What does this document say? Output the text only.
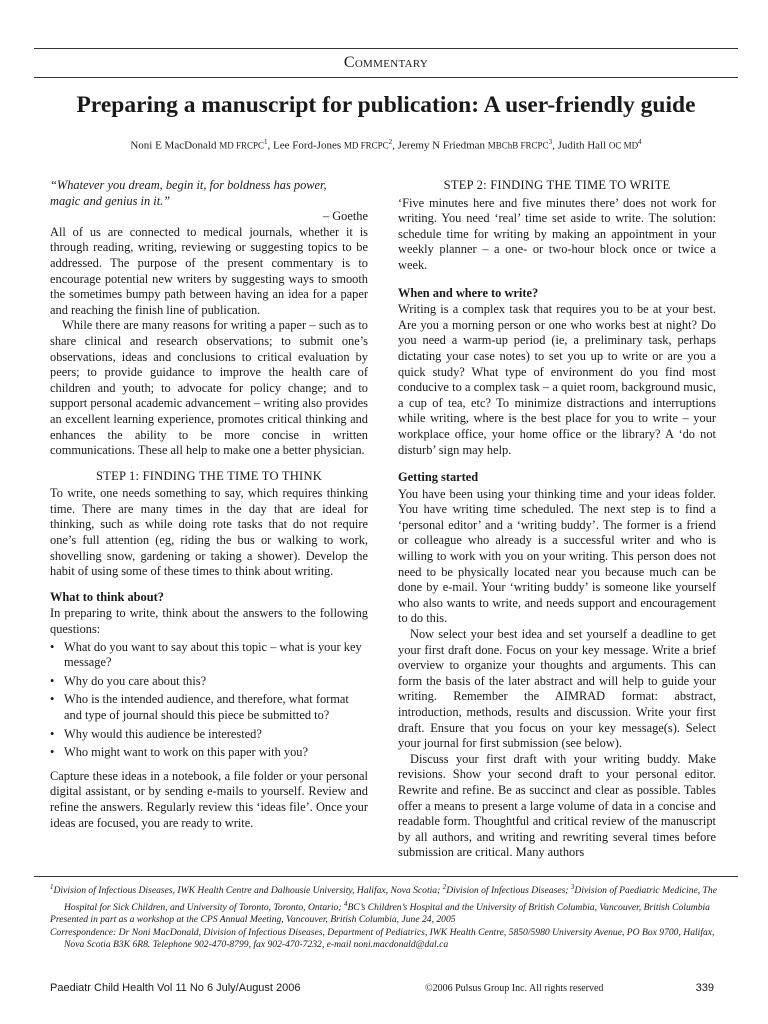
Commentary
Preparing a manuscript for publication: A user-friendly guide
Noni E MacDonald MD FRCPC$^1$, Lee Ford-Jones MD FRCPC$^2$, Jeremy N Friedman MBChB FRCPC$^3$, Judith Hall OC $MD^4$

“Whatever you dream, begin it, for boldness has power, magic and genius in it.”

– Goethe

All of us are connected to medical journals, whether it is through reading, writing, reviewing or suggesting topics to be addressed. The purpose of the present commentary is to encourage potential new writers by suggesting ways to smooth the sometimes bumpy path between having an idea for a paper and reaching the finish line of publication.

While there are many reasons for writing a paper – such as to share clinical and research observations; to submit one’s observations, ideas and conclusions to critical evaluation by peers; to provide guidance to improve the health care of children and youth; to advocate for policy change; and to support personal academic advancement – writing also provides an excellent learning experience, promotes critical thinking and enhances the ability to be more concise in written communications. These all help to make one a better physician.

STEP 1: FINDING THE TIME TO THINK

To write, one needs something to say, which requires thinking time. There are many times in the day that are ideal for thinking, such as while doing rote tasks that do not require one’s full attention (eg, riding the bus or walking to work, shovelling snow, gardening or taking a shower). Develop the habit of using some of these times to think about writing.

What to think about?

In preparing to write, think about the answers to the following questions:

• What do you want to say about this topic – what is your key message?
• Why do you care about this?
• Who is the intended audience, and therefore, what format and type of journal should this piece be submitted to?
• Why would this audience be interested?
• Who might want to work on this paper with you?

Capture these ideas in a notebook, a file folder or your personal digital assistant, or by sending e-mails to yourself. Review and refine the answers. Regularly review this ‘ideas file’. Once your ideas are focused, you are ready to write.

STEP 2: FINDING THE TIME TO WRITE

‘Five minutes here and five minutes there’ does not work for writing. You need ‘real’ time set aside to write. The solution: schedule time for writing by making an appointment in your weekly planner – a one- or two-hour block once or twice a week.

When and where to write?

Writing is a complex task that requires you to be at your best. Are you a morning person or one who works best at night? Do you need a warm-up period (ie, a preliminary task, perhaps dictating your case notes) to set you up to write or are you a quick study? What type of environment do you find most conducive to a complex task – a quiet room, background music, a cup of tea, etc? To minimize distractions and interruptions while writing, where is the best place for you to write – your workplace office, your home office or the library? A ‘do not disturb’ sign may help.

Getting started

You have been using your thinking time and your ideas folder. You have writing time scheduled. The next step is to find a ‘personal editor’ and a ‘writing buddy’. The former is a friend or colleague who already is a successful writer and who is willing to work with you on your writing. This person does not need to be physically located near you because much can be done by e-mail. Your ‘writing buddy’ is someone like yourself who also wants to write, and needs support and encouragement to do this.

Now select your best idea and set yourself a deadline to get your first draft done. Focus on your key message. Write a brief overview to organize your thoughts and arguments. This can form the basis of the later abstract and will help to guide your writing. Remember the AIMRAD format: abstract, introduction, methods, results and discussion. Write your first draft. Ensure that you focus on your key message(s). Select your journal for first submission (see below).

Discuss your first draft with your writing buddy. Make revisions. Show your second draft to your personal editor. Rewrite and refine. Be as succinct and clear as possible. Tables offer a means to present a large volume of data in a concise and readable form. Thoughtful and critical review of the manuscript by all authors, and writing and rewriting several times before submission are critical. Many authors

$^1$Division of Infectious Diseases, IWK Health Centre and Dalhousie University, Halifax, Nova Scotia; $^2$Division of Infectious Diseases; $^3$Division of Paediatric Medicine, The Hospital for Sick Children, and University of Toronto, Toronto, Ontario; $^4$BC’s Children’s Hospital and the University of British Columbia, Vancouver, British Columbia

Presented in part as a workshop at the CPS Annual Meeting, Vancouver, British Columbia, June 24, 2005

Correspondence: Dr Noni MacDonald, Division of Infectious Diseases, Department of Pediatrics, IWK Health Centre, 5850/5980 University Avenue, PO Box 9700, Halifax, Nova Scotia B3K 6R8. Telephone 902-470-8799, fax 902-470-7232, e-mail noni.macdonald@dal.ca

Paediatr Child Health Vol 11 No 6 July/August 2006	©2006 Pulsus Group Inc. All rights reserved	339
